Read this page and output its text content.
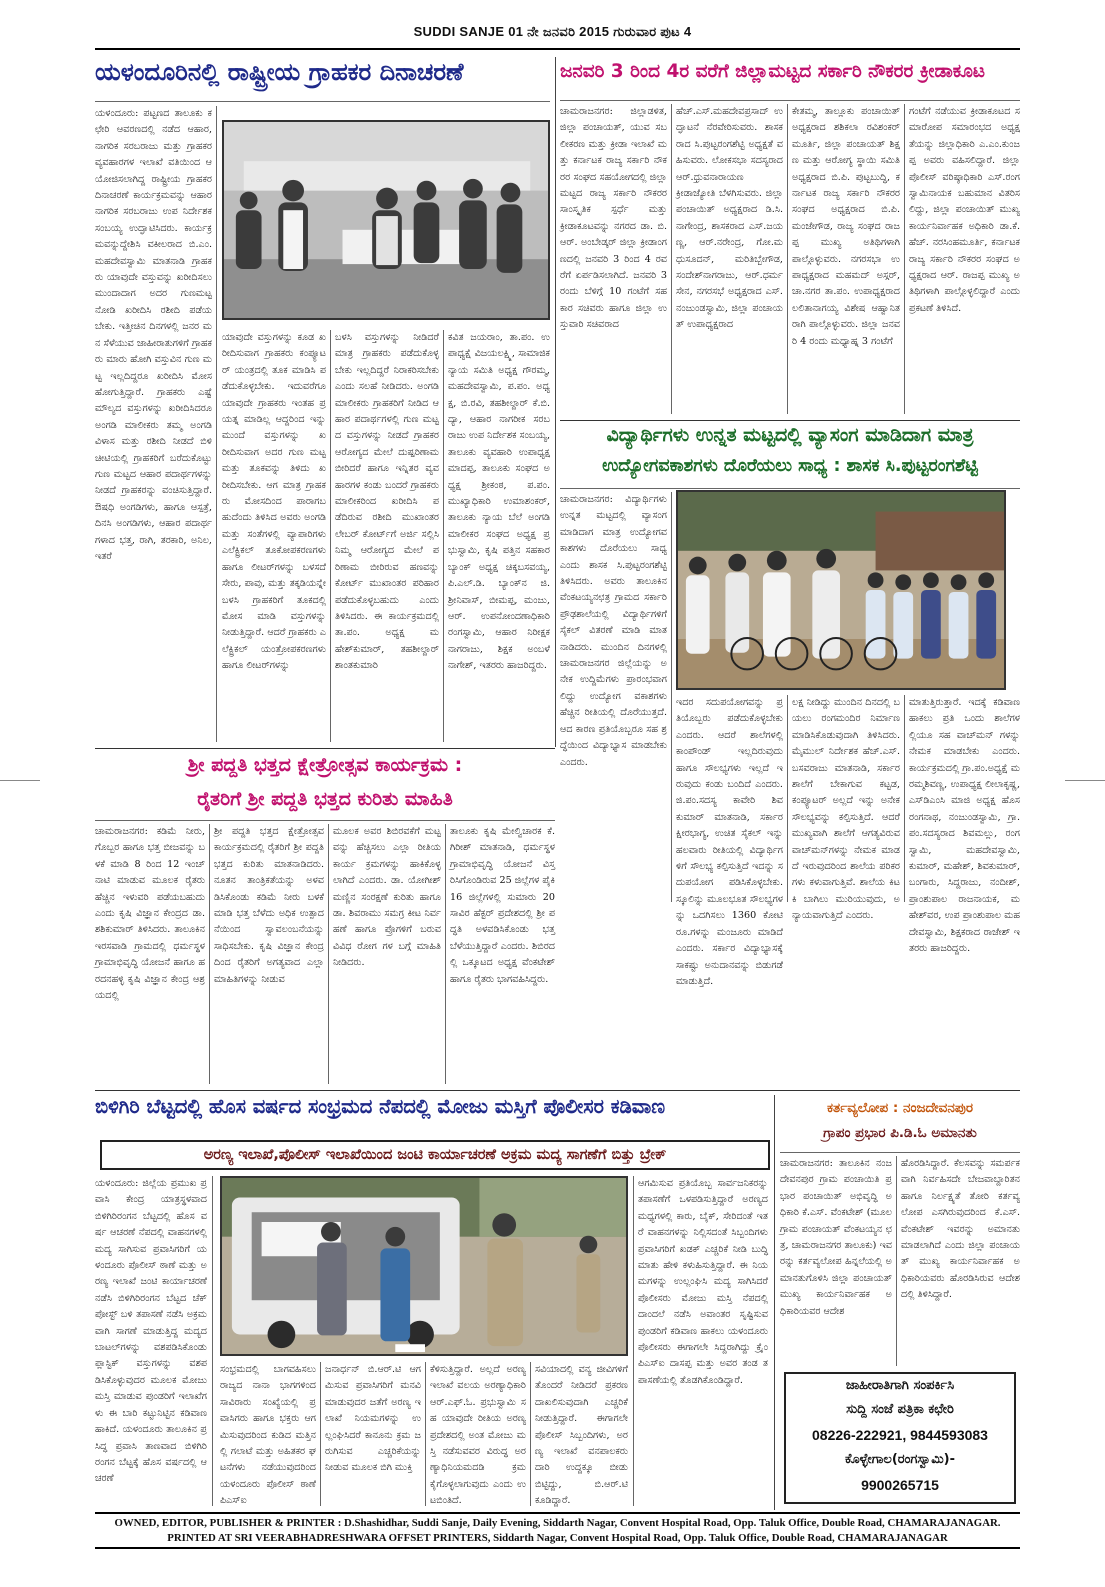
SUDDI SANJE 01 ನೇ ಜನವರಿ 2015 ಗುರುವಾರ ಪುಟ 4
ಯಳಂದೂರಿನಲ್ಲಿ ರಾಷ್ಟ್ರೀಯ ಗ್ರಾಹಕರ ದಿನಾಚರಣೆ
ಯಳಂದೂರು: ಪಟ್ಟಣದ ತಾಲೂಕು ಕಛೇರಿ ಆವರಣದಲ್ಲಿ ನಡೆದ ಆಹಾರ, ನಾಗರಿಕ ಸರಬರಾಜು ಮತ್ತು ಗ್ರಾಹಕರ ವ್ಯವಹಾರಗಳ ಇಲಾಖೆ ವತಿಯಿಂದ ಆಯೋಜಿಸಲಾಗಿದ್ದ ರಾಷ್ಟ್ರೀಯ ಗ್ರಾಹಕರ ದಿನಾಚರಣೆ ಕಾರ್ಯಕ್ರಮವನ್ನು ಆಹಾರ ನಾಗರಿಕ ಸರಬರಾಜು ಉಪ ನಿರ್ದೇಶಕ ಸಂಬಯ್ಯ ಉದ್ಘಾಟಿಸಿದರು. ಕಾರ್ಯಕ್ರಮವನ್ನುದ್ದೇಶಿಸಿ ವಕೀಲರಾದ ಬಿ.ಎಂ. ಮಹದೇವಸ್ವಾಮಿ ಮಾತನಾಡಿ ಗ್ರಾಹಕರು ಯಾವುದೇ ವಸ್ತುವನ್ನು ಖರೀದಿಸಲು ಮುಂದಾದಾಗ ಅದರ ಗುಣಮಟ್ಟ ನೋಡಿ ಖರೀದಿಸಿ ರಶೀದಿ ಪಡೆಯಬೇಕು. ಇತ್ತೀಚಿನ ದಿನಗಳಲ್ಲಿ ಜನರ ಮನ ಸೆಳೆಯುವ ಜಾಹೀರಾತುಗಳಿಗೆ ಗ್ರಾಹಕರು ಮಾರು ಹೋಗಿ ವಸ್ತುವಿನ ಗುಣ ಮಟ್ಟ ಇಲ್ಲದಿದ್ದರೂ ಖರೀದಿಸಿ ಮೋಸ ಹೋಗುತ್ತಿದ್ದಾರೆ. ಗ್ರಾಹಕರು ಎಷ್ಟೆ ಮೌಲ್ಯದ ವಸ್ತುಗಳನ್ನು ಖರೀದಿಸಿದರೂ ಅಂಗಡಿ ಮಾಲೀಕರು ತಮ್ಮ ಅಂಗಡಿ ವಿಳಾಸ ಮತ್ತು ರಶೀದಿ ನೀಡದೆ ಬಿಳಿ ಚೀಟಿಯಲ್ಲಿ ಗ್ರಾಹಕರಿಗೆ ಬರೆದುಕೊಟ್ಟು ಗುಣ ಮಟ್ಟದ ಆಹಾರ ಪದಾರ್ಥಗಳನ್ನು ನೀಡದೆ ಗ್ರಾಹಕರನ್ನು ವಂಚಿಸುತ್ತಿದ್ದಾರೆ. ಔಷಧಿ ಅಂಗಡಿಗಳು, ಹಾಗೂ ಆಸ್ಪತ್ರೆ, ದಿನಸಿ ಅಂಗಡಿಗಳು, ಆಹಾರ ಪದಾರ್ಥಗಳಾದ ಭತ್ತ, ರಾಗಿ, ತರಕಾರಿ, ಅನಿಲ, ಇತರೆ
ಯಾವುದೇ ವಸ್ತುಗಳನ್ನು ಕೂಡ ಖರೀದಿಸುವಾಗ ಗ್ರಾಹಕರು ಕಂಪ್ಯೂಟರ್ ಯಂತ್ರದಲ್ಲಿ ತೂಕ ಮಾಡಿಸಿ ಪಡೆದುಕೊಳ್ಳಬೇಕು. ಇದುವರೆಗೂ ಯಾವುದೇ ಗ್ರಾಹಕರು ಇಂತಹ ಪ್ರಯತ್ನ ಮಾಡಿಲ್ಲ ಆದ್ದರಿಂದ ಇನ್ನು ಮುಂದೆ ವಸ್ತುಗಳನ್ನು ಖರೀದಿಸುವಾಗ ಅದರ ಗುಣ ಮಟ್ಟ ಮತ್ತು ತೂಕವನ್ನು ತಿಳಿದು ಖರೀದಿಸಬೇಕು. ಆಗ ಮಾತ್ರ ಗ್ರಾಹಕರು ಮೋಸದಿಂದ ಪಾರಾಗಬಹುದೆಂದು ತಿಳಿಸಿದ ಅವರು ಅಂಗಡಿ ಮತ್ತು ಸಂತೆಗಳಲ್ಲಿ ವ್ಯಾಪಾರಿಗಳು ಎಲೆಕ್ಟ್ರಿಕಲ್ ತೂಕೋಪಕರಣಗಳು ಹಾಗೂ ಲೀಟರ್‌ಗಳನ್ನು ಬಳಸದೆ ಸೇರು, ಪಾವು, ಮತ್ತು ತಕ್ಕಡಿಯನ್ನೇ ಬಳಸಿ ಗ್ರಾಹಕರಿಗೆ ತೂಕದಲ್ಲಿ ಮೋಸ ಮಾಡಿ ವಸ್ತುಗಳನ್ನು ನೀಡುತ್ತಿದ್ದಾರೆ. ಆದರೆ ಗ್ರಾಹಕರು ಎಲೆಕ್ಟ್ರಿಕಲ್ ಯಂತ್ರೋಪಕರಣಗಳು ಹಾಗೂ ಲೀಟರ್‌ಗಳನ್ನು
ಬಳಸಿ ವಸ್ತುಗಳನ್ನು ನೀಡಿದರೆ ಮಾತ್ರ ಗ್ರಾಹಕರು ಪಡೆದುಕೊಳ್ಳಬೇಕು ಇಲ್ಲದಿದ್ದರೆ ನಿರಾಕರಿಸಬೇಕು ಎಂದು ಸಲಹೆ ನೀಡಿದರು. ಅಂಗಡಿ ಮಾಲೀಕರು ಗ್ರಾಹಕರಿಗೆ ನೀಡಿದ ಆಹಾರ ಪದಾರ್ಥಗಳಲ್ಲಿ ಗುಣ ಮಟ್ಟದ ವಸ್ತುಗಳನ್ನು ನೀಡದೆ ಗ್ರಾಹಕರ ಆರೋಗ್ಯದ ಮೇಲೆ ದುಷ್ಪರಿಣಾಮ ಬೀರಿದರೆ ಹಾಗೂ ಇನ್ನಿತರ ವ್ಯವಹಾರಗಳ ಕಂಡು ಬಂದರೆ ಗ್ರಾಹಕರು ಮಾಲೀಕರಿಂದ ಖರೀದಿಸಿ ಪಡೆದಿರುವ ರಶೀದಿ ಮುಖಾಂತರ ಲೇಬರ್ ಕೋರ್ಟ್‌ಗೆ ಅರ್ಜಿ ಸಲ್ಲಿಸಿ ನಿಮ್ಮ ಆರೋಗ್ಯದ ಮೇಲೆ ಪರಿಣಾಮ ಬೀರಿರುವ ಹಣವನ್ನು ಕೋರ್ಟ್ ಮುಖಾಂತರ ಪರಿಹಾರ ಪಡೆದುಕೊಳ್ಳಬಹುದು ಎಂದು ತಿಳಿಸಿದರು. ಈ ಕಾರ್ಯಕ್ರಮದಲ್ಲಿ ತಾ.ಪಂ. ಅಧ್ಯಕ್ಷ ಮಹೇಶ್‌ಕುಮಾರ್, ತಹಶೀಲ್ದಾರ್ ಶಾಂತಕುಮಾರಿ
ಕವಿತ ಜಯರಾಂ, ತಾ.ಪಂ. ಉಪಾಧ್ಯಕ್ಷೆ ವಿಜಯಲಕ್ಷ್ಮಿ, ಸಾಮಾಜಿಕ ನ್ಯಾಯ ಸಮಿತಿ ಅಧ್ಯಕ್ಷ ಗೌರಮ್ಮ, ಮಹದೇವಸ್ವಾಮಿ, ಪ.ಪಂ. ಅಧ್ಯಕ್ಷ, ಬಿ.ರವಿ, ತಹಶೀಲ್ದಾರ್ ಕೆ.ಬಿ.ದ್ಯಾ, ಆಹಾರ ನಾಗರೀಕ ಸರಬರಾಜು ಉಪ ನಿರ್ದೇಶಕ ಸಂಬಯ್ಯ, ತಾಲೂಕು ವ್ಯವಹಾರಿ ಉಪಾಧ್ಯಕ್ಷ ಮಾದಪ್ಪ, ತಾಲೂಕು ಸಂಘದ ಅಧ್ಯಕ್ಷ ಶ್ರೀಕಂಠ, ಪ.ಪಂ. ಮುಖ್ಯಾಧಿಕಾರಿ ಉಮಾಶಂಕರ್, ತಾಲೂಕು ನ್ಯಾಯ ಬೆಲೆ ಅಂಗಡಿ ಮಾಲೀಕರ ಸಂಘದ ಅಧ್ಯಕ್ಷ ಪ್ರಭುಸ್ವಾಮಿ, ಕೃಷಿ ಪತ್ತಿನ ಸಹಕಾರ ಬ್ಯಾಂಕ್ ಅಧ್ಯಕ್ಷ ಚಿಕ್ಕಬಸವಯ್ಯ, ಪಿ.ಎಲ್.ಡಿ. ಬ್ಯಾಂಕ್‌ನ ಜಿ.ಶ್ರೀನಿವಾಸ್, ಬೀಮಪ್ಪ, ಮಂಜು, ಆರ್. ಉಪನೋಂದಣಾಧಿಕಾರಿ ರಂಗಸ್ವಾಮಿ, ಆಹಾರ ನಿರೀಕ್ಷಕ ನಾಗರಾಜು, ಶಿಕ್ಷಕ ಅಂಬಳೆ ನಾಗೇಶ್, ಇತರರು ಹಾಜರಿದ್ದರು.
ಜನವರಿ 3 ರಿಂದ 4ರ ವರೆಗೆ ಜಿಲ್ಲಾಮಟ್ಟದ ಸರ್ಕಾರಿ ನೌಕರರ ಕ್ರೀಡಾಕೂಟ
ಚಾಮರಾಜನಗರ: ಜಿಲ್ಲಾಡಳಿತ, ಜಿಲ್ಲಾ ಪಂಚಾಯತ್, ಯುವ ಸಬಲೀಕರಣ ಮತ್ತು ಕ್ರೀಡಾ ಇಲಾಖೆ ಮತ್ತು ಕರ್ನಾಟಕ ರಾಜ್ಯ ಸರ್ಕಾರಿ ನೌಕರರ ಸಂಘದ ಸಹಯೋಗದಲ್ಲಿ ಜಿಲ್ಲಾ ಮಟ್ಟದ ರಾಜ್ಯ ಸರ್ಕಾರಿ ನೌಕರರ ಸಾಂಸ್ಕೃತಿಕ ಸ್ಪರ್ಧೆ ಮತ್ತು ಕ್ರೀಡಾಕೂಟವನ್ನು ನಗರದ ಡಾ. ಬಿ.ಆರ್. ಅಂಬೇಡ್ಕರ್ ಜಿಲ್ಲಾ ಕ್ರೀಡಾಂಗಣದಲ್ಲಿ ಜನವರಿ 3 ರಿಂದ 4 ರವರೆಗೆ ಏರ್ಪಡಿಸಲಾಗಿದೆ. ಜನವರಿ 3 ರಂದು ಬೆಳಿಗ್ಗೆ 10 ಗಂಟೆಗೆ ಸಹಕಾರ ಸಚಿವರು ಹಾಗೂ ಜಿಲ್ಲಾ ಉಸ್ತುವಾರಿ ಸಚಿವರಾದ
ಹೆಚ್.ಎಸ್.ಮಹದೇವಪ್ರಸಾದ್ ಉದ್ಘಾಟನೆ ನೆರವೇರಿಸುವರು. ಶಾಸಕರಾದ ಸಿ.ಪುಟ್ಟರಂಗಶೆಟ್ಟಿ ಅಧ್ಯಕ್ಷತೆ ವಹಿಸುವರು. ಲೋಕಸಭಾ ಸದಸ್ಯರಾದ ಆರ್.ಧ್ರುವನಾರಾಯಣ ಕ್ರೀಡಾಜ್ಯೋತಿ ಬೆಳಗಿಸುವರು. ಜಿಲ್ಲಾ ಪಂಚಾಯಿತ್ ಅಧ್ಯಕ್ಷರಾದ ಡಿ.ಸಿ.ನಾಗೇಂದ್ರ, ಶಾಸಕರಾದ ಎಸ್.ಜಯಣ್ಣ, ಆರ್.ನರೇಂದ್ರ, ಗೋ.ಮಧುಸೂದನ್, ಮರಿತಿಬ್ಬೇಗೌಡ, ಸಂದೇಶ್‌ನಾಗರಾಜು, ಆರ್.ಧರ್ಮಸೇನ, ನಗರಸಭೆ ಅಧ್ಯಕ್ಷರಾದ ಎಸ್.ನಂಜುಂಡಸ್ವಾಮಿ, ಜಿಲ್ಲಾ ಪಂಚಾಯತ್ ಉಪಾಧ್ಯಕ್ಷರಾದ
ಕೇತಮ್ಮ, ತಾಲ್ಲೂಕು ಪಂಚಾಯಿತ್ ಅಧ್ಯಕ್ಷರಾದ ಶಶಿಕಲಾ ರವಿಶಂಕರ್ ಮೂರ್ತಿ, ಜಿಲ್ಲಾ ಪಂಚಾಯತ್ ಶಿಕ್ಷಣ ಮತ್ತು ಆರೋಗ್ಯ ಸ್ಥಾಯಿ ಸಮಿತಿ ಅಧ್ಯಕ್ಷರಾದ ಬಿ.ಪಿ. ಪುಟ್ಟಬುದ್ಧಿ, ಕರ್ನಾಟಕ ರಾಜ್ಯ ಸರ್ಕಾರಿ ನೌಕರರ ಸಂಘದ ಅಧ್ಯಕ್ಷರಾದ ಬಿ.ಪಿ. ಮಂಜೇಗೌಡ, ರಾಜ್ಯ ಸಂಘದ ರಾಜಪ್ಪ ಮುಖ್ಯ ಅತಿಥಿಗಳಾಗಿ ಪಾಲ್ಗೊಳ್ಳುವರು. ನಗರಸಭಾ ಉಪಾಧ್ಯಕ್ಷರಾದ ಮಹಮದ್ ಅಸ್ಗರ್, ಚಾ.ನಗರ ತಾ.ಪಂ. ಉಪಾಧ್ಯಕ್ಷರಾದ ಲಲಿತಾನಾಗಯ್ಯ ವಿಶೇಷ ಆಹ್ವಾನಿತರಾಗಿ ಪಾಲ್ಗೊಳ್ಳುವರು. ಜಿಲ್ಲಾ ಜನವರಿ 4 ರಂದು ಮಧ್ಯಾಹ್ನ 3 ಗಂಟೆಗೆ
ಗಂಟೆಗೆ ನಡೆಯುವ ಕ್ರೀಡಾಕೂಟದ ಸಮಾರೋಪ ಸಮಾರಂಭದ ಅಧ್ಯಕ್ಷತೆಯನ್ನು ಜಿಲ್ಲಾಧಿಕಾರಿ ಎ.ಎಂ.ಕುಂಜಪ್ಪ ಅವರು ವಹಿಸಲಿದ್ದಾರೆ. ಜಿಲ್ಲಾ ಪೊಲೀಸ್ ವರಿಷ್ಠಾಧಿಕಾರಿ ಎಸ್.ರಂಗಸ್ವಾಮಿನಾಯಕ ಬಹುಮಾನ ವಿತರಿಸಲಿದ್ದು, ಜಿಲ್ಲಾ ಪಂಚಾಯಿತ್ ಮುಖ್ಯ ಕಾರ್ಯನಿರ್ವಾಹಕ ಅಧಿಕಾರಿ ಡಾ.ಕೆ.ಹೆಚ್. ನರಸಿಂಹಮೂರ್ತಿ, ಕರ್ನಾಟಕ ರಾಜ್ಯ ಸರ್ಕಾರಿ ನೌಕರರ ಸಂಘದ ಅಧ್ಯಕ್ಷರಾದ ಆರ್. ರಾಜಪ್ಪ ಮುಖ್ಯ ಅತಿಥಿಗಳಾಗಿ ಪಾಲ್ಗೊಳ್ಳಲಿದ್ದಾರೆ ಎಂದು ಪ್ರಕಟಣೆ ತಿಳಿಸಿದೆ.
ವಿದ್ಯಾರ್ಥಿಗಳು ಉನ್ನತ ಮಟ್ಟದಲ್ಲಿ ವ್ಯಾಸಂಗ ಮಾಡಿದಾಗ ಮಾತ್ರ
ಉದ್ಯೋಗವಕಾಶಗಳು ದೊರೆಯಲು ಸಾಧ್ಯ : ಶಾಸಕ ಸಿ.ಪುಟ್ಟರಂಗಶೆಟ್ಟಿ
ಚಾಮರಾಜನಗರ: ವಿದ್ಯಾರ್ಥಿಗಳು ಉನ್ನತ ಮಟ್ಟದಲ್ಲಿ ವ್ಯಾಸಂಗ ಮಾಡಿದಾಗ ಮಾತ್ರ ಉದ್ಯೋಗವಕಾಶಗಳು ದೊರೆಯಲು ಸಾಧ್ಯ ಎಂದು ಶಾಸಕ ಸಿ.ಪುಟ್ಟರಂಗಶೆಟ್ಟಿ ತಿಳಿಸಿದರು. ಅವರು ತಾಲೂಕಿನ ವೆಂಕಟಯ್ಯನಛತ್ರ ಗ್ರಾಮದ ಸರ್ಕಾರಿ ಪ್ರೌಢಶಾಲೆಯಲ್ಲಿ ವಿದ್ಯಾರ್ಥಿಗಳಿಗೆ ಸೈಕಲ್ ವಿತರಣೆ ಮಾಡಿ ಮಾತನಾಡಿದರು. ಮುಂದಿನ ದಿನಗಳಲ್ಲಿ ಚಾಮರಾಜನಗರ ಜಿಲ್ಲೆಯನ್ನು ಅನೇಕ ಉದ್ದಿಮೆಗಳು ಪ್ರಾರಂಭವಾಗಲಿದ್ದು ಉದ್ಯೋಗ ವಕಾಶಗಳು ಹೆಚ್ಚಿನ ರೀತಿಯಲ್ಲಿ ದೊರೆಯುತ್ತದೆ. ಆದ ಕಾರಣ ಪ್ರತಿಯೊಬ್ಬರೂ ಸಹ ಶ್ರದ್ಧೆಯಿಂದ ವಿದ್ಯಾಭ್ಯಾಸ ಮಾಡಬೇಕು ಎಂದರು.
ಇದರ ಸದುಪಯೋಗವನ್ನು ಪ್ರತಿಯೊಬ್ಬರು ಪಡೆದುಕೊಳ್ಳಬೇಕು ಎಂದರು. ಆದರೆ ಶಾಲೆಗಳಲ್ಲಿ ಕಾಂಪೌಂಡ್ ಇಲ್ಲದಿರುವುದು ಹಾಗೂ ಸೌಲಭ್ಯಗಳು ಇಲ್ಲದೆ ಇರುವುದು ಕಂಡು ಬಂದಿದೆ ಎಂದರು. ಜಿ.ಪಂ.ಸದಸ್ಯ ಕಾವೇರಿ ಶಿವಕುಮಾರ್ ಮಾತನಾಡಿ, ಸರ್ಕಾರ ಕ್ಷೀರಭಾಗ್ಯ, ಉಚಿತ ಸೈಕಲ್ ಇನ್ನು ಹಲವಾರು ರೀತಿಯಲ್ಲಿ ವಿದ್ಯಾರ್ಥಿಗಳಿಗೆ ಸೌಲಭ್ಯ ಕಲ್ಪಿಸುತ್ತಿದೆ ಇದನ್ನು ಸದುಪಯೋಗ ಪಡಿಸಿಕೊಳ್ಳಬೇಕು. ಸ್ಕೂಲಿನ್ನು ಮೂಲಭೂತ ಸೌಲಭ್ಯಗಳನ್ನು ಒದಗಿಸಲು 1360 ಕೋಟಿ ರೂ.ಗಳನ್ನು ಮಂಜೂರು ಮಾಡಿದೆ ಎಂದರು. ಸರ್ಕಾರ ವಿದ್ಯಾಭ್ಯಾಸಕ್ಕೆ ಸಾಕಷ್ಟು ಅನುದಾನವನ್ನು ಬಿಡುಗಡೆ ಮಾಡುತ್ತಿದೆ.
ಲಕ್ಷ ನೀಡಿದ್ದು ಮುಂದಿನ ದಿನದಲ್ಲಿ ಬಯಲು ರಂಗಮಂದಿರ ನಿರ್ಮಾಣ ಮಾಡಿಸಿಕೊಡುವುದಾಗಿ ತಿಳಿಸಿದರು. ಮೈಮುಲ್ ನಿರ್ದೇಶಕ ಹೆಚ್.ಎಸ್.ಬಸವರಾಜು ಮಾತನಾಡಿ, ಸರ್ಕಾರ ಶಾಲೆಗೆ ಬೇಕಾಗುವ ಕಟ್ಟಡ, ಕಂಪ್ಯೂಟರ್ ಅಲ್ಲದೆ ಇನ್ನು ಅನೇಕ ಸೌಲಭ್ಯವನ್ನು ಕಲ್ಪಿಸುತ್ತಿದೆ. ಆದರೆ ಮುಖ್ಯವಾಗಿ ಶಾಲೆಗೆ ಆಗತ್ಯವಿರುವ ವಾಚ್‌ಮನ್‌ಗಳನ್ನು ನೇಮಕ ಮಾಡದೆ ಇರುವುದರಿಂದ ಶಾಲೆಯ ಪರಿಕರಗಳು ಕಳುವಾಗುತ್ತಿವೆ. ಶಾಲೆಯ ಕಿಟಕಿ ಬಾಗಿಲು ಮುರಿಯುವುದು, ಅನ್ಯಾಯವಾಗುತ್ತಿದೆ ಎಂದರು.
ಮಾತುತ್ತಿರುತ್ತಾರೆ. ಇದಕ್ಕೆ ಕಡಿವಾಣ ಹಾಕಲು ಪ್ರತಿ ಒಂದು ಶಾಲೆಗಳಲ್ಲಿಯೂ ಸಹ ವಾಚ್‌ಮನ್ ಗಳನ್ನು ನೇಮಕ ಮಾಡಬೇಕು ಎಂದರು. ಕಾರ್ಯಕ್ರಮದಲ್ಲಿ ಗ್ರಾ.ಪಂ.ಅಧ್ಯಕ್ಷೆ ಮರಮ್ಮಶಿವಣ್ಣ, ಉಪಾಧ್ಯಕ್ಷ ಲೀಲಾಕೃಷ್ಣ, ಎಸ್‌ಡಿಎಂಸಿ ಮಾಜಿ ಅಧ್ಯಕ್ಷ ಹೊಸರಂಗನಾಥ, ನಂಜುಂಡಸ್ವಾಮಿ, ಗ್ರಾ.ಪಂ.ಸದಸ್ಯರಾದ ಶಿವಮಲ್ಲು, ರಂಗಸ್ವಾಮಿ, ಮಹದೇವಸ್ವಾಮಿ, ಕುಮಾರ್, ಮಹೇಶ್, ಶಿವಕುಮಾರ್, ಬಂಗಾರು, ಸಿದ್ದರಾಜು, ನಂದೀಶ್, ಪ್ರಾಂಶುಪಾಲ ರಾಜನಾಯಕ, ಮಹೇಶ್‌ವರ, ಉಪ ಪ್ರಾಂಶುಪಾಲ ಮಹದೇವಸ್ವಾಮಿ, ಶಿಕ್ಷಕರಾದ ರಾಜೇಶ್ ಇತರರು ಹಾಜರಿದ್ದರು.
ಶ್ರೀ ಪದ್ದತಿ ಭತ್ತದ ಕ್ಷೇತ್ರೋತ್ಸವ ಕಾರ್ಯಕ್ರಮ :
ರೈತರಿಗೆ ಶ್ರೀ ಪದ್ದತಿ ಭತ್ತದ ಕುರಿತು ಮಾಹಿತಿ
ಚಾಮರಾಜನಗರ: ಕಡಿಮೆ ನೀರು, ಗೊಬ್ಬರ ಹಾಗೂ ಭತ್ತ ಬೀಜವನ್ನು ಬಳಕೆ ಮಾಡಿ 8 ರಿಂದ 12 ಇಂಚ್ ನಾಟಿ ಮಾಡುವ ಮೂಲಕ ರೈತರು ಹೆಚ್ಚಿನ ಇಳುವರಿ ಪಡೆಯಬಹುದು ಎಂದು ಕೃಷಿ ವಿಜ್ಞಾನ ಕೇಂದ್ರದ ಡಾ. ಶಶಿಕುಮಾರ್ ತಿಳಿಸಿದರು. ತಾಲೂಕಿನ ಇರಸವಾಡಿ ಗ್ರಾಮದಲ್ಲಿ ಧರ್ಮಸ್ಥಳ ಗ್ರಾಮಾಭಿವೃದ್ಧಿ ಯೋಜನೆ ಹಾಗೂ ಹರದನಹಳ್ಳಿ ಕೃಷಿ ವಿಜ್ಞಾನ ಕೇಂದ್ರ ಆಶ್ರಯದಲ್ಲಿ
ಶ್ರೀ ಪದ್ದತಿ ಭತ್ತದ ಕ್ಷೇತ್ರೋತ್ಸವ ಕಾರ್ಯಕ್ರಮದಲ್ಲಿ ರೈತರಿಗೆ ಶ್ರೀ ಪದ್ದತಿ ಭತ್ತದ ಕುರಿತು ಮಾತನಾಡಿದರು. ನೂತನ ತಾಂತ್ರಿಕತೆಯನ್ನು ಅಳವಡಿಸಿಕೊಂಡು ಕಡಿಮೆ ನೀರು ಬಳಕೆ ಮಾಡಿ ಭತ್ತ ಬೆಳೆದು ಅಧಿಕ ಉತ್ಪಾದನೆಯಿಂದ ಸ್ವಾವಲಂಬನೆಯನ್ನು ಸಾಧಿಸಬೇಕು. ಕೃಷಿ ವಿಜ್ಞಾನ ಕೇಂದ್ರದಿಂದ ರೈತರಿಗೆ ಅಗತ್ಯವಾದ ಎಲ್ಲಾ ಮಾಹಿತಿಗಳನ್ನು ನೀಡುವ
ಮೂಲಕ ಅವರ ಶಿಬಿರವಕೆಗೆ ಮಟ್ಟ ವನ್ನು ಹೆಚ್ಚಿಸಲು ಎಲ್ಲಾ ರೀತಿಯ ಕಾರ್ಯ ಕ್ರಮಗಳನ್ನು ಹಾಕಿಕೊಳ್ಳಲಾಗಿದೆ ಎಂದರು. ಡಾ. ಯೋಗೀಶ್ ಮಣ್ಣಿನ ಸಂರಕ್ಷಣೆ ಕುರಿತು ಹಾಗೂ ಡಾ. ಶಿವರಾಮು ಸಮಗ್ರ ಕೀಟ ನಿರ್ವಹಣೆ ಹಾಗೂ ಪ್ರೊಗಳಿಗೆ ಬರುವ ವಿವಿಧ ರೋಗ ಗಳ ಬಗ್ಗೆ ಮಾಹಿತಿ ನೀಡಿದರು.
ತಾಲೂಕು ಕೃಷಿ ಮೇಲ್ವಿಚಾರಕ ಕೆ. ಗಿರೀಶ್ ಮಾತನಾಡಿ, ಧರ್ಮಸ್ಥಳ ಗ್ರಾಮಾಭಿವೃದ್ಧಿ ಯೋಜನೆ ವಿಸ್ತರಿಸಿಗೊಂಡಿರುವ 25 ಜಿಲ್ಲೆಗಳ ಪೈಕಿ 16 ಜಿಲ್ಲೆಗಳಲ್ಲಿ ಸುಮಾರು 20 ಸಾವಿರ ಹೆಕ್ಟರ್ ಪ್ರದೇಶದಲ್ಲಿ ಶ್ರೀ ಪದ್ಧತಿ ಅಳವಡಿಸಿಕೊಂಡು ಭತ್ತ ಬೆಳೆಯುತ್ತಿದ್ದಾರೆ ಎಂದರು. ಶಿಬಿರದಲ್ಲಿ ಒಕ್ಕೂಟದ ಅಧ್ಯಕ್ಷ ವೆಂಕಟೇಶ್ ಹಾಗೂ ರೈತರು ಭಾಗವಹಿಸಿದ್ದರು.
ಬಿಳಿಗಿರಿ ಬೆಟ್ಟದಲ್ಲಿ ಹೊಸ ವರ್ಷದ ಸಂಭ್ರಮದ ನೆಪದಲ್ಲಿ ಮೋಜು ಮಸ್ತಿಗೆ ಪೊಲೀಸರ ಕಡಿವಾಣ
ಅರಣ್ಯ ಇಲಾಖೆ,ಪೊಲೀಸ್ ಇಲಾಖೆಯಿಂದ ಜಂಟಿ ಕಾರ್ಯಾಚರಣೆ ಅಕ್ರಮ ಮದ್ಯ ಸಾಗಣೆಗೆ ಬಿತ್ತು ಬ್ರೇಕ್
ಯಳಂದೂರು: ಜಿಲ್ಲೆಯ ಪ್ರಮುಖ ಪ್ರವಾಸಿ ಕೇಂದ್ರ ಯಾತ್ರಸ್ಥಳವಾದ ಬಿಳಿಗಿರಿರಂಗನ ಬೆಟ್ಟದಲ್ಲಿ ಹೊಸ ವರ್ಷ ಆಚರಣೆ ನೆಪದಲ್ಲಿ ವಾಹನಗಳಲ್ಲಿ ಮದ್ಯ ಸಾಗಿಸುವ ಪ್ರವಾಸಿಗರಿಗೆ ಯಳಂದೂರು ಪೊಲೀಸ್ ಠಾಣೆ ಮತ್ತು ಅರಣ್ಯ ಇಲಾಖೆ ಜಂಟಿ ಕಾರ್ಯಾಚರಣೆ ನಡೆಸಿ ಬಿಳಿಗಿರಿರಂಗನ ಬೆಟ್ಟದ ಚೆಕ್ ಪೋಸ್ಟ್ ಬಳಿ ತಪಾಸಣೆ ನಡೆಸಿ ಅಕ್ರಮವಾಗಿ ಸಾಗಣೆ ಮಾಡುತ್ತಿದ್ದ ಮದ್ಯದ ಬಾಟಲ್‌ಗಳನ್ನು ವಶಪಡಿಸಿಕೊಂಡು ಪ್ಲಾಸ್ಟಿಕ್ ವಸ್ತುಗಳನ್ನು ವಶಪಡಿಸಿಕೊಳ್ಳುವುದರ ಮೂಲಕ ಮೋಜು ಮಸ್ತಿ ಮಾಡುವ ಪುಂಡರಿಗೆ ಇಲಾಖೆಗಳು ಈ ಬಾರಿ ಕಟ್ಟುನಿಟ್ಟಿನ ಕಡಿವಾಣ ಹಾಕಿದೆ. ಯಳಂದೂರು ತಾಲೂಕಿನ ಪ್ರಸಿದ್ಧ ಪ್ರವಾಸಿ ತಾಣವಾದ ಬಿಳಿಗಿರಿ ರಂಗನ ಬೆಟ್ಟಕ್ಕೆ ಹೊಸ ವರ್ಷದಲ್ಲಿ ಆಚರಣೆ
ಸಂಭ್ರಮದಲ್ಲಿ ಬಾಗವಹಿಸಲು ರಾಜ್ಯದ ನಾನಾ ಭಾಗಗಳಿಂದ ಸಾವಿರಾರು ಸಂಖ್ಯೆಯಲ್ಲಿ ಪ್ರವಾಸಿಗರು ಹಾಗೂ ಭಕ್ತರು ಆಗಮಿಸುವುದರಿಂದ ಕುಡಿದ ಮತ್ತಿನಲ್ಲಿ ಗಲಾಟೆ ಮತ್ತು ಅಹಿತಕರ ಘಟನೆಗಳು ನಡೆಯುವುದರಿಂದ ಯಳಂದೂರು ಪೊಲೀಸ್ ಠಾಣೆ ಪಿಎಸ್ಐ
ಜನಾರ್ಧನ್ ಬಿ.ಆರ್.ಟಿ ಆಗಮಿಸುವ ಪ್ರವಾಸಿಗರಿಗೆ ಮನವಿ ಮಾಡುವುದರ ಜತೆಗೆ ಅರಣ್ಯ ಇಲಾಖೆ ನಿಯಮಗಳನ್ನು ಉಲ್ಲಂಘಿಸಿದರೆ ಕಾನೂನು ಕ್ರಮ ಜರುಗಿಸುವ ಎಚ್ಚರಿಕೆಯನ್ನು ನೀಡುವ ಮೂಲಕ ಬಿಗಿ ಮುಕ್ತಿ
ಕೆಳಿಸುತ್ತಿದ್ದಾರೆ. ಅಲ್ಲದೆ ಅರಣ್ಯ ಇಲಾಖೆ ವಲಯ ಅರಣ್ಯಾಧಿಕಾರಿ ಆರ್.ಎಫ್.ಓ. ಪ್ರಭುಸ್ವಾಮಿ ಸಹ ಯಾವುದೇ ರೀತಿಯ ಅರಣ್ಯ ಪ್ರದೇಶದಲ್ಲಿ ಅಂತ ಮೋಜು ಮಸ್ತಿ ನಡೆಸುವವರ ವಿರುದ್ಧ ಅರಣ್ಯಾಧಿನಿಯಮದಡಿ ಕ್ರಮ ಕೈಗೊಳ್ಳಲಾಗುವುದು ಎಂದು ಉಟಬಿಂತಿದೆ.
ಸವಿಯಾದಲ್ಲಿ ವನ್ಯ ಜೀವಿಗಳಿಗೆ ತೊಂದರೆ ನೀಡಿದರೆ ಪ್ರಕರಣದಾಖಲಿಸುವುದಾಗಿ ಎಚ್ಚರಿಕೆ ನೀಡುತ್ತಿದ್ದಾರೆ. ಈಗಾಗಲೇ ಪೊಲೀಸ್ ಸಿಬ್ಬಂದಿಗಳು, ಅರಣ್ಯ ಇಲಾಖೆ ವನಪಾಲಕರು ದಾರಿ ಉದ್ದಕ್ಕೂ ಬೀಡು ಬಿಟ್ಟಿದ್ದು, ಬಿ.ಆರ್.ಟಿ ಕೂಡಿದ್ದಾರೆ.
ಆಗಮಿಸುವ ಪ್ರತಿಯೊಬ್ಬ ಸಾರ್ವಜನಿಕರನ್ನು ತಪಾಸಣೆಗೆ ಒಳಪಡಿಸುತ್ತಿದ್ದಾರೆ ಅರಣ್ಯದ ಮಧ್ಯಗಳಲ್ಲಿ ಕಾರು, ಬೈಕ್, ಸೇರಿದಂತೆ ಇತರೆ ವಾಹನಗಳನ್ನು ನಿಲ್ಲಿಸದಂತೆ ಸಿಬ್ಬಂದಿಗಳು ಪ್ರವಾಸಿಗರಿಗೆ ಖಡಕ್ ಎಚ್ಚರಿಕೆ ನೀಡಿ ಬುದ್ಧಿ ಮಾತು ಹೇಳಿ ಕಳುಹಿಸುತ್ತಿದ್ದಾರೆ. ಈ ನಿಯಮಗಳನ್ನು ಉಲ್ಲಂಘಿಸಿ ಮದ್ಯ ಸಾಗಿಸಿದರೆ ಪೊಲೀಸರು ಮೋಜು ಮಸ್ತಿ ನೆಪದಲ್ಲಿ ದಾಂದಲೆ ನಡೆಸಿ ಅವಾಂತರ ಸೃಷ್ಟಿಸುವ ಪುಂಡರಿಗೆ ಕಡಿವಾಣ ಹಾಕಲು ಯಳಂದೂರು ಪೊಲೀಸರು ಈಗಾಗಲೇ ಸಿದ್ದರಾಗಿದ್ದು ಕ್ರೈಂ ಪಿಎಸ್ಐ ದಾಸಪ್ಪ ಮತ್ತು ಅವರ ತಂಡ ತಪಾಸಣೆಯಲ್ಲಿ ತೊಡಗಿಕೊಂಡಿದ್ದಾರೆ.
ಕರ್ತವ್ಯಲೋಪ : ನಂಜದೇವನಪುರ
ಗ್ರಾಪಂ ಪ್ರಭಾರ ಪಿ.ಡಿ.ಓ ಅಮಾನತು
ಚಾಮರಾಜನಗರ: ತಾಲೂಕಿನ ನಂಜದೇವನಪುರ ಗ್ರಾಮ ಪಂಚಾಯಿತಿ ಪ್ರಭಾರ ಪಂಚಾಯಿತ್ ಅಭಿವೃದ್ಧಿ ಅಧಿಕಾರಿ ಕೆ.ಎಸ್. ವೆಂಕಟೇಶ್ (ಮೂಲ ಗ್ರಾಮ ಪಂಚಾಯತ್ ವೆಂಕಟಯ್ಯನ ಛತ್ರ, ಚಾಮರಾಜನಗರ ತಾಲೂಕು) ಇವರನ್ನು ಕರ್ತವ್ಯಲೋಪ ಹಿನ್ನಲೆಯಲ್ಲಿ ಅಮಾನತುಗೊಳಿಸಿ ಜಿಲ್ಲಾ ಪಂಚಾಯತ್ ಮುಖ್ಯ ಕಾರ್ಯನಿರ್ವಾಹಕ ಅಧಿಕಾರಿಯವರ ಆದೇಶ
ಹೊರಡಿಸಿದ್ದಾರೆ. ಕೆಲಸವನ್ನು ಸಮರ್ಪಕವಾಗಿ ನಿರ್ವಹಿಸದೇ ಬೇಜವಾಬ್ದಾರಿತನ ಹಾಗೂ ನಿರ್ಲಕ್ಷ್ಯತೆ ತೋರಿ ಕರ್ತವ್ಯಲೋಪ ಎಸಗಿರುವುದರಿಂದ ಕೆ.ಎಸ್. ವೆಂಕಟೇಶ್ ಇವರನ್ನು ಅಮಾನತು ಮಾಡಲಾಗಿದೆ ಎಂದು ಜಿಲ್ಲಾ ಪಂಚಾಯತ್ ಮುಖ್ಯ ಕಾರ್ಯನಿರ್ವಾಹಕ ಅಧಿಕಾರಿಯವರು ಹೊರಡಿಸಿರುವ ಆದೇಶದಲ್ಲಿ ತಿಳಿಸಿದ್ದಾರೆ.
ಜಾಹೀರಾತಿಗಾಗಿ ಸಂಪರ್ಕಿಸಿ
ಸುದ್ದಿ ಸಂಜೆ ಪತ್ರಿಕಾ ಕಛೇರಿ
08226-222921, 9844593083
ಕೊಳ್ಳೇಗಾಲ(ರಂಗಸ್ವಾಮಿ)-
9900265715
OWNED, EDITOR, PUBLISHER & PRINTER : D.Shashidhar, Suddi Sanje, Daily Evening, Siddarth Nagar, Convent Hospital Road, Opp. Taluk Office, Double Road, CHAMARAJANAGAR.
PRINTED AT SRI VEERABHADRESHWARA OFFSET PRINTERS, Siddarth Nagar, Convent Hospital Road, Opp. Taluk Office, Double Road, CHAMARAJANAGAR
